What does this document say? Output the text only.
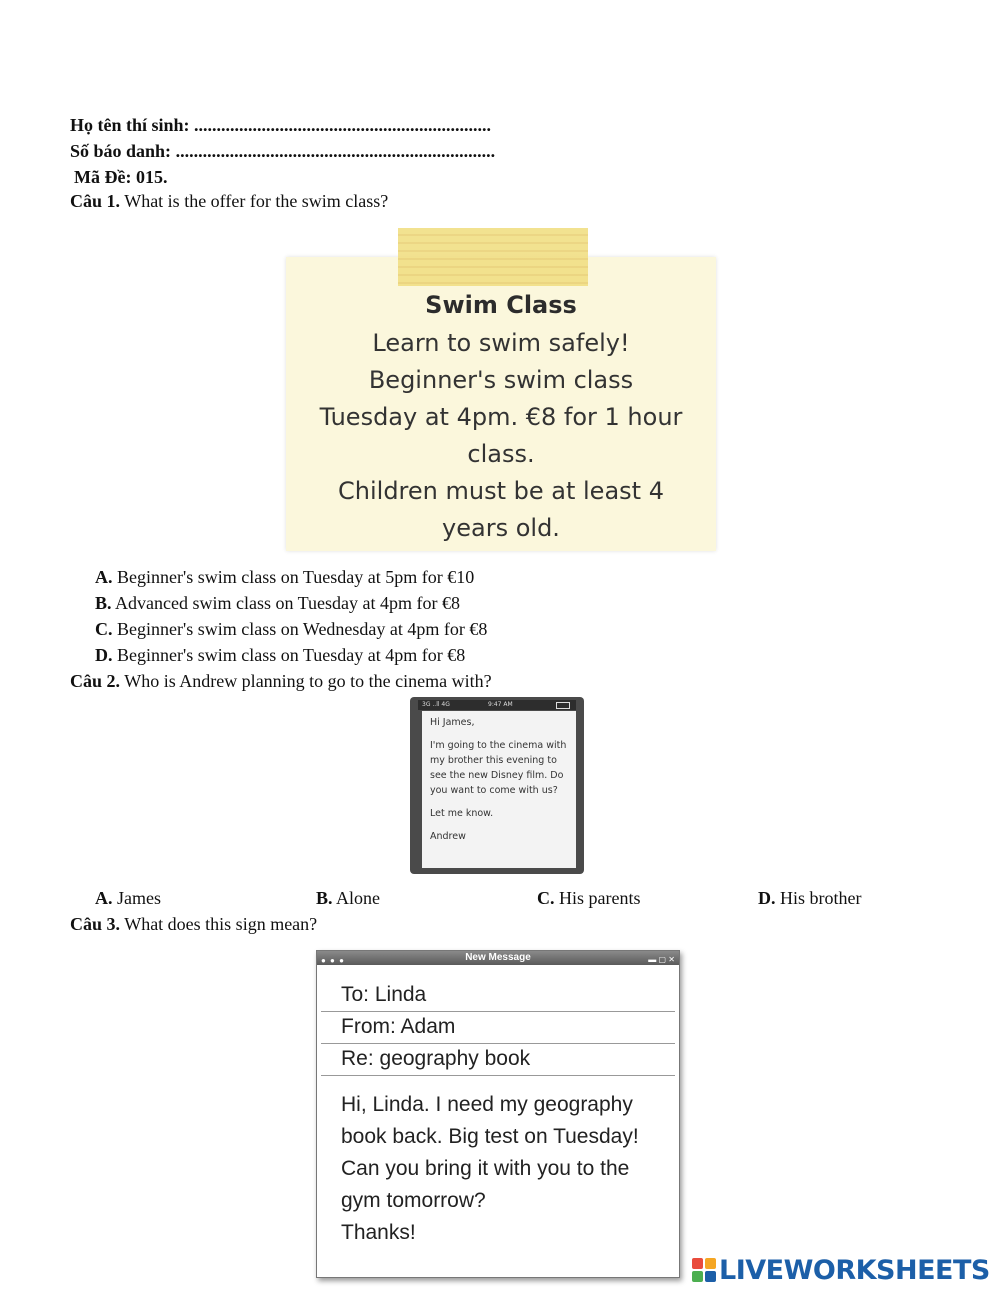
Họ tên thí sinh: ..................................................................
Số báo danh: .......................................................................
Mã Đề: 015.
Câu 1. What is the offer for the swim class?
Swim Class
Learn to swim safely!
Beginner's swim class
Tuesday at 4pm. €8 for 1 hour
class.
Children must be at least 4
years old.
A. Beginner's swim class on Tuesday at 5pm for €10
B. Advanced swim class on Tuesday at 4pm for €8
C. Beginner's swim class on Wednesday at 4pm for €8
D. Beginner's swim class on Tuesday at 4pm for €8
Câu 2. Who is Andrew planning to go to the cinema with?
3G ..ll 4G	9:47 AM

Hi James,

I'm going to the cinema with my brother this evening to see the new Disney film. Do you want to come with us?

Let me know.

Andrew

A. James	B. Alone	C. His parents	D. His brother
Câu 3. What does this sign mean?
● ● ●	New Message	▬ ▢ ✕
To: Linda
From: Adam
Re: geography book
Hi, Linda. I need my geography
book back. Big test on Tuesday!
Can you bring it with you to the
gym tomorrow?
Thanks!
LIVEWORKSHEETS
